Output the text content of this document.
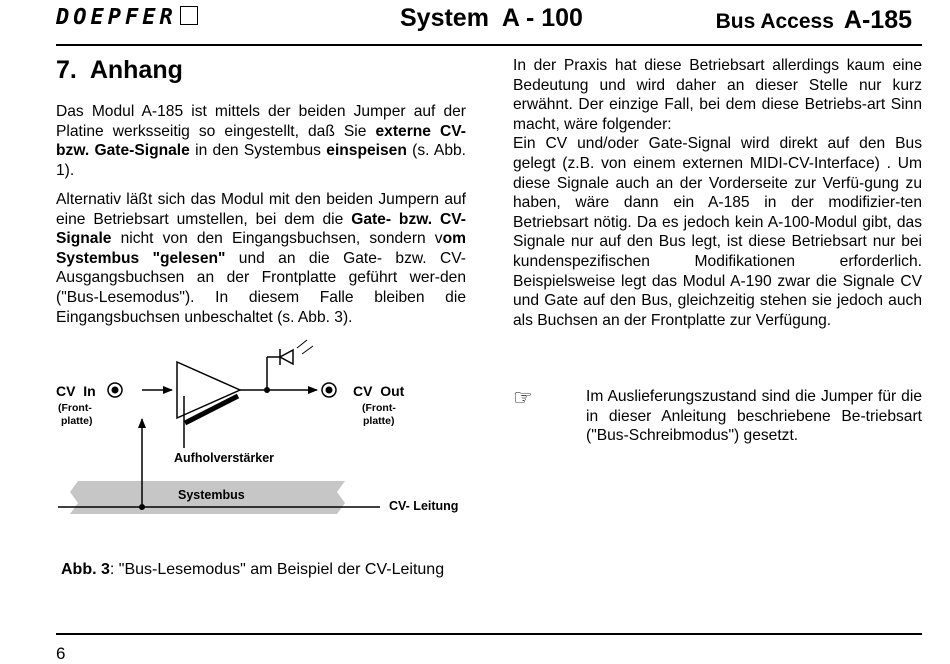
DOEPFER	System  A - 100	Bus Access A-185
7. Anhang

Das Modul A-185 ist mittels der beiden Jumper auf der Platine werksseitig so eingestellt, daß Sie externe CV- bzw. Gate-Signale in den Systembus einspeisen (s. Abb. 1).

Alternativ läßt sich das Modul mit den beiden Jumpern auf eine Betriebsart umstellen, bei dem die Gate- bzw. CV-Signale nicht von den Eingangsbuchsen, sondern vom Systembus "gelesen" und an die Gate- bzw. CV-Ausgangsbuchsen an der Frontplatte geführt wer-den ("Bus-Lesemodus"). In diesem Falle bleiben die Eingangsbuchsen unbeschaltet (s. Abb. 3).

In der Praxis hat diese Betriebsart allerdings kaum eine Bedeutung und wird daher an dieser Stelle nur kurz erwähnt. Der einzige Fall, bei dem diese Betriebs-art Sinn macht, wäre folgender:

Ein CV und/oder Gate-Signal wird direkt auf den Bus gelegt (z.B. von einem externen MIDI-CV-Interface) . Um diese Signale auch an der Vorderseite zur Verfü-gung zu haben, wäre dann ein A-185 in der modifizier-ten Betriebsart nötig. Da es jedoch kein A-100-Modul gibt, das Signale nur auf den Bus legt, ist diese Betriebsart nur bei kundenspezifischen Modifikationen erforderlich. Beispielsweise legt das Modul A-190 zwar die Signale CV und Gate auf den Bus, gleichzeitig stehen sie jedoch auch als Buchsen an der Frontplatte zur Verfügung.

☞	Im Auslieferungszustand sind die Jumper für die in dieser Anleitung beschriebene Be-triebsart ("Bus-Schreibmodus") gesetzt.
CV  In
(Front-
platte)
CV  Out
(Front-
platte)
Aufholverstärker
Systembus
CV- Leitung
Abb. 3: "Bus-Lesemodus" am Beispiel der CV-Leitung
6
